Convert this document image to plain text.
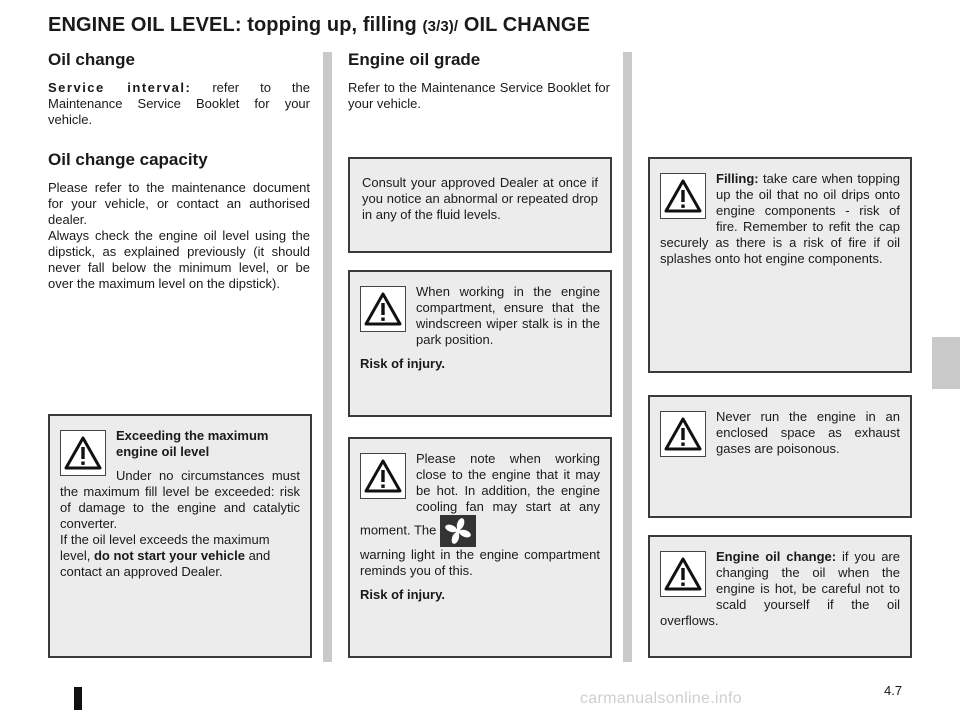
ENGINE OIL LEVEL: topping up, filling (3/3)/ OIL CHANGE
Oil change

Service interval: refer to the Maintenance Service Booklet for your vehicle.

Oil change capacity

Please refer to the maintenance document for your vehicle, or contact an authorised dealer.

Always check the engine oil level using the dipstick, as explained previously (it should never fall below the minimum level, or be over the maximum level on the dipstick).

Engine oil grade

Refer to the Maintenance Service Booklet for your vehicle.

Exceeding the maximum engine oil level

Under no circumstances must the maximum fill level be exceeded: risk of damage to the engine and catalytic converter.

If the oil level exceeds the maximum level, do not start your vehicle and contact an approved Dealer.

Consult your approved Dealer at once if you notice an abnormal or repeated drop in any of the fluid levels.

When working in the engine compartment, ensure that the windscreen wiper stalk is in the park position.

Risk of injury.

Please note when working close to the engine that it may be hot. In addition, the engine cooling fan may start at any moment. The

warning light in the engine compartment reminds you of this.

Risk of injury.

Filling: take care when topping up the oil that no oil drips onto engine components - risk of fire. Remember to refit the cap securely as there is a risk of fire if oil splashes onto hot engine components.

Never run the engine in an enclosed space as exhaust gases are poisonous.

Engine oil change: if you are changing the oil when the engine is hot, be careful not to scald yourself if the oil overflows.

4.7
carmanualsonline.info
